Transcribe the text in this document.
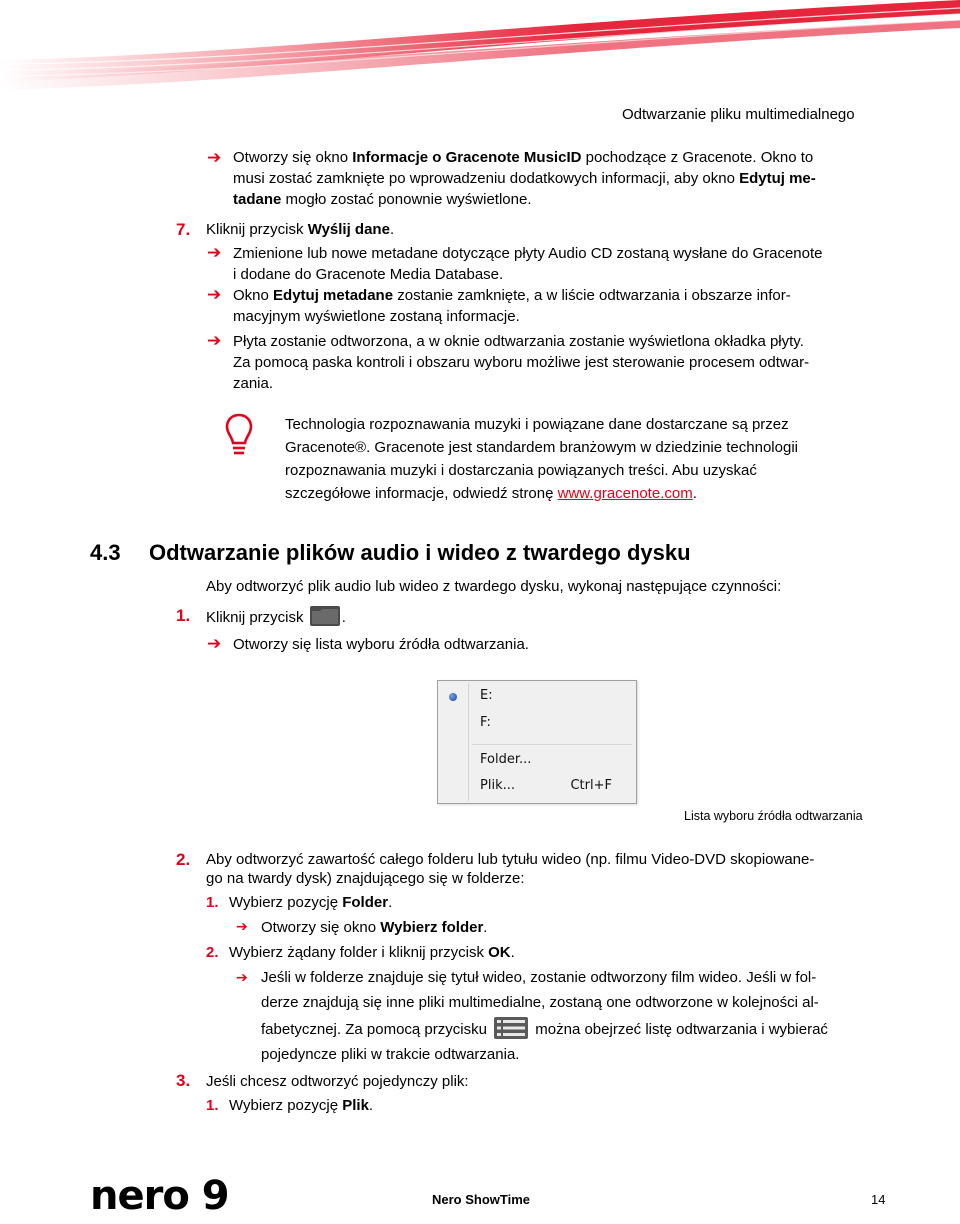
Odtwarzanie pliku multimedialnego
➔ Otworzy się okno Informacje o Gracenote MusicID pochodzące z Gracenote. Okno to
musi zostać zamknięte po wprowadzeniu dodatkowych informacji, aby okno Edytuj me-
tadane mogło zostać ponownie wyświetlone.
7. Kliknij przycisk Wyślij dane.
➔ Zmienione lub nowe metadane dotyczące płyty Audio CD zostaną wysłane do Gracenote
i dodane do Gracenote Media Database.
➔ Okno Edytuj metadane zostanie zamknięte, a w liście odtwarzania i obszarze infor-
macyjnym wyświetlone zostaną informacje.
➔ Płyta zostanie odtworzona, a w oknie odtwarzania zostanie wyświetlona okładka płyty.
Za pomocą paska kontroli i obszaru wyboru możliwe jest sterowanie procesem odtwar-
zania.
Technologia rozpoznawania muzyki i powiązane dane dostarczane są przez
Gracenote®. Gracenote jest standardem branżowym w dziedzinie technologii
rozpoznawania muzyki i dostarczania powiązanych treści. Abu uzyskać
szczegółowe informacje, odwiedź stronę www.gracenote.com.
4.3 Odtwarzanie plików audio i wideo z twardego dysku
Aby odtworzyć plik audio lub wideo z twardego dysku, wykonaj następujące czynności:
1. Kliknij przycisk .
➔ Otworzy się lista wyboru źródła odtwarzania.
E:
F:
Folder...
Plik...	Ctrl+F
Lista wyboru źródła odtwarzania
2. Aby odtworzyć zawartość całego folderu lub tytułu wideo (np. filmu Video-DVD skopiowane-
go na twardy dysk) znajdującego się w folderze:
1. Wybierz pozycję Folder.
➔ Otworzy się okno Wybierz folder.
2. Wybierz żądany folder i kliknij przycisk OK.
➔ Jeśli w folderze znajduje się tytuł wideo, zostanie odtworzony film wideo. Jeśli w fol-
derze znajdują się inne pliki multimedialne, zostaną one odtworzone w kolejności al-
fabetycznej. Za pomocą przycisku	można obejrzeć listę odtwarzania i wybierać
pojedyncze pliki w trakcie odtwarzania.
3. Jeśli chcesz odtworzyć pojedynczy plik:
1. Wybierz pozycję Plik.
nero 9	Nero ShowTime	14
